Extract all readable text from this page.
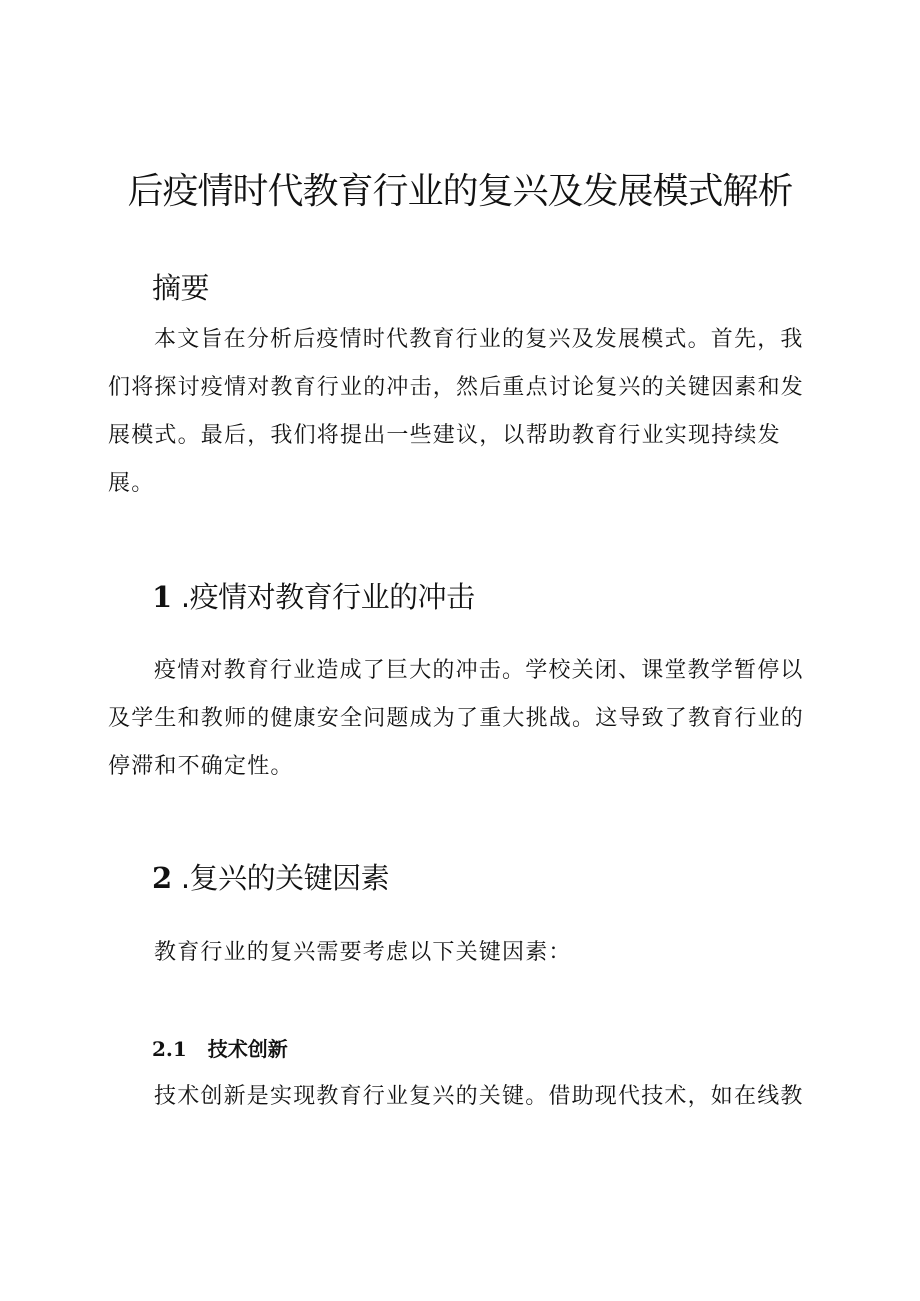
后疫情时代教育行业的复兴及发展模式解析
摘要

本文旨在分析后疫情时代教育行业的复兴及发展模式。首先，我们将探讨疫情对教育行业的冲击，然后重点讨论复兴的关键因素和发展模式。最后，我们将提出一些建议，以帮助教育行业实现持续发展。

1 .疫情对教育行业的冲击

疫情对教育行业造成了巨大的冲击。学校关闭、课堂教学暂停以及学生和教师的健康安全问题成为了重大挑战。这导致了教育行业的停滞和不确定性。

2 .复兴的关键因素

教育行业的复兴需要考虑以下关键因素：

2.1 技术创新

技术创新是实现教育行业复兴的关键。借助现代技术，如在线教
